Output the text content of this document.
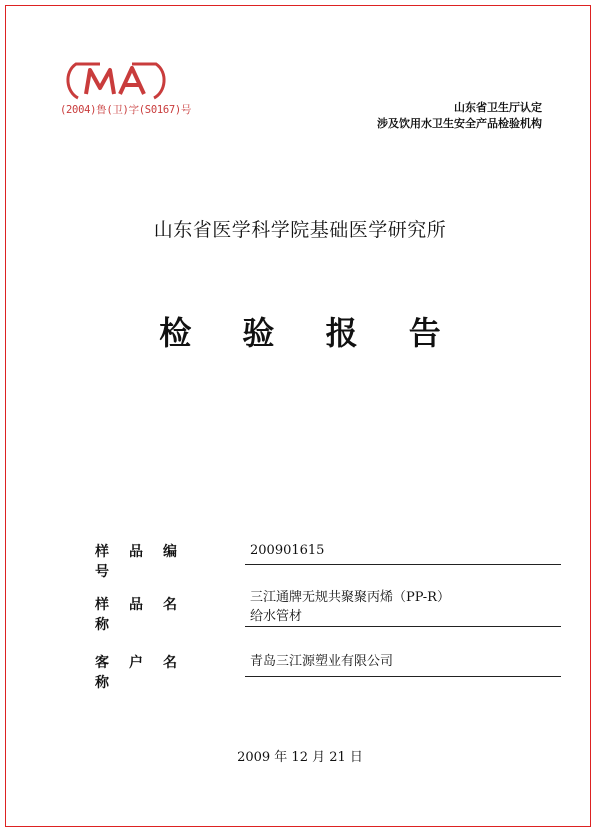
(2004)鲁(卫)字(S0167)号	山东省卫生厅认定
涉及饮用水卫生安全产品检验机构
山东省医学科学院基础医学研究所
检 验 报 告
样品编号
200901615
样品名称
三江通牌无规共聚聚丙烯（PP-R）
给水管材
客户名称
青岛三江源塑业有限公司
2009 年 12 月 21 日
